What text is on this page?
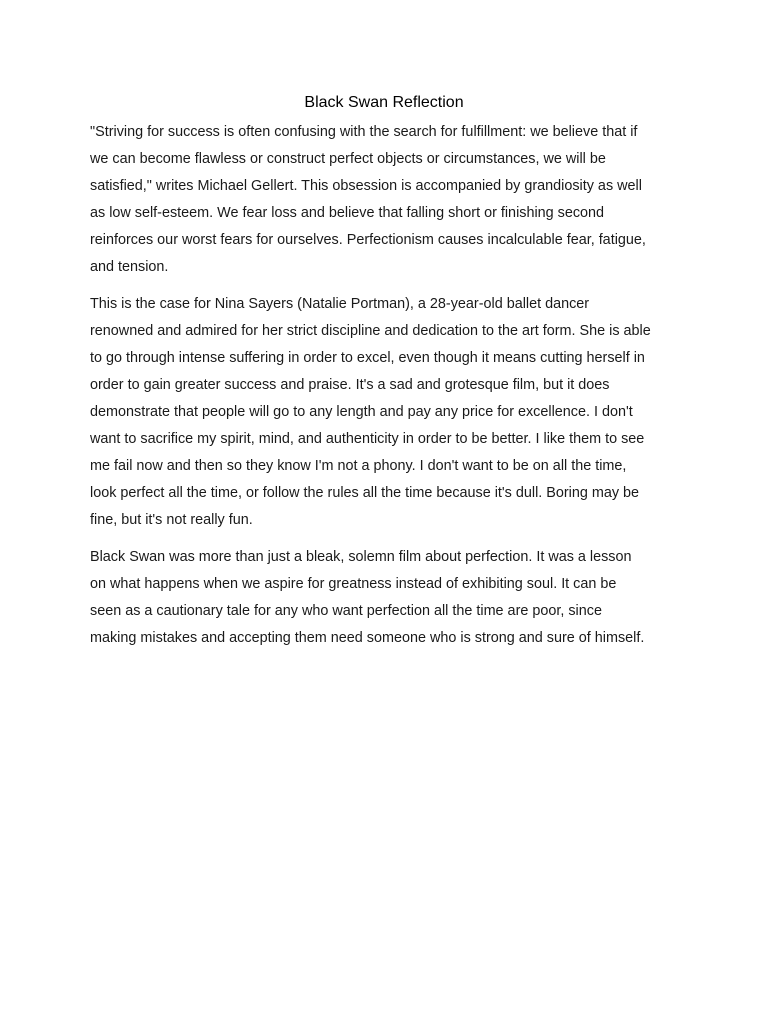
Black Swan Reflection

"Striving for success is often confusing with the search for fulfillment: we believe that if
we can become flawless or construct perfect objects or circumstances, we will be
satisfied," writes Michael Gellert. This obsession is accompanied by grandiosity as well
as low self-esteem. We fear loss and believe that falling short or finishing second
reinforces our worst fears for ourselves. Perfectionism causes incalculable fear, fatigue,
and tension.

This is the case for Nina Sayers (Natalie Portman), a 28-year-old ballet dancer
renowned and admired for her strict discipline and dedication to the art form. She is able
to go through intense suffering in order to excel, even though it means cutting herself in
order to gain greater success and praise. It's a sad and grotesque film, but it does
demonstrate that people will go to any length and pay any price for excellence. I don't
want to sacrifice my spirit, mind, and authenticity in order to be better. I like them to see
me fail now and then so they know I'm not a phony. I don't want to be on all the time,
look perfect all the time, or follow the rules all the time because it's dull. Boring may be
fine, but it's not really fun.

Black Swan was more than just a bleak, solemn film about perfection. It was a lesson
on what happens when we aspire for greatness instead of exhibiting soul. It can be
seen as a cautionary tale for any who want perfection all the time are poor, since
making mistakes and accepting them need someone who is strong and sure of himself.
